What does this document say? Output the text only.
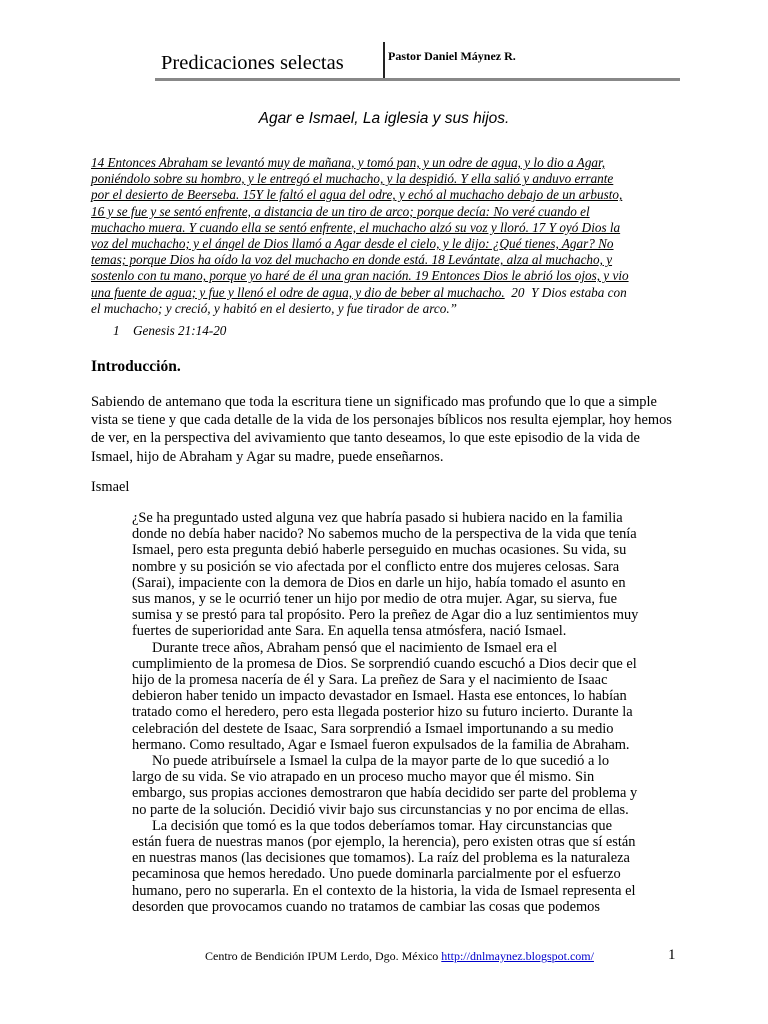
Predicaciones selectas	Pastor Daniel Máynez R.
Agar e Ismael, La iglesia y sus hijos.
14 Entonces Abraham se levantó muy de mañana, y tomó pan, y un odre de agua, y lo dio a Agar,
poniéndolo sobre su hombro, y le entregó el muchacho, y la despidió. Y ella salió y anduvo errante
por el desierto de Beerseba. 15Y le faltó el agua del odre, y echó al muchacho debajo de un arbusto,
16 y se fue y se sentó enfrente, a distancia de un tiro de arco; porque decía: No veré cuando el
muchacho muera. Y cuando ella se sentó enfrente, el muchacho alzó su voz y lloró. 17 Y oyó Dios la
voz del muchacho; y el ángel de Dios llamó a Agar desde el cielo, y le dijo: ¿Qué tienes, Agar? No
temas; porque Dios ha oído la voz del muchacho en donde está. 18 Levántate, alza al muchacho, y
sostenlo con tu mano, porque yo haré de él una gran nación. 19 Entonces Dios le abrió los ojos, y vio
una fuente de agua; y fue y llenó el odre de agua, y dio de beber al muchacho.  20  Y Dios estaba con
el muchacho; y creció, y habitó en el desierto, y fue tirador de arco.”
1 Genesis 21:14-20
Introducción.
Sabiendo de antemano que toda la escritura tiene un significado mas profundo que lo que a simple
vista se tiene y que cada detalle de la vida de los personajes bíblicos nos resulta ejemplar, hoy hemos
de ver, en la perspectiva del avivamiento que tanto deseamos, lo que este episodio de la vida de
Ismael, hijo de Abraham y Agar su madre, puede enseñarnos.
Ismael
¿Se ha preguntado usted alguna vez que habría pasado si hubiera nacido en la familia
donde no debía haber nacido? No sabemos mucho de la perspectiva de la vida que tenía
Ismael, pero esta pregunta debió haberle perseguido en muchas ocasiones. Su vida, su
nombre y su posición se vio afectada por el conflicto entre dos mujeres celosas. Sara
(Sarai), impaciente con la demora de Dios en darle un hijo, había tomado el asunto en
sus manos, y se le ocurrió tener un hijo por medio de otra mujer. Agar, su sierva, fue
sumisa y se prestó para tal propósito. Pero la preñez de Agar dio a luz sentimientos muy
fuertes de superioridad ante Sara. En aquella tensa atmósfera, nació Ismael.
Durante trece años, Abraham pensó que el nacimiento de Ismael era el
cumplimiento de la promesa de Dios. Se sorprendió cuando escuchó a Dios decir que el
hijo de la promesa nacería de él y Sara. La preñez de Sara y el nacimiento de Isaac
debieron haber tenido un impacto devastador en Ismael. Hasta ese entonces, lo habían
tratado como el heredero, pero esta llegada posterior hizo su futuro incierto. Durante la
celebración del destete de Isaac, Sara sorprendió a Ismael importunando a su medio
hermano. Como resultado, Agar e Ismael fueron expulsados de la familia de Abraham.
No puede atribuírsele a Ismael la culpa de la mayor parte de lo que sucedió a lo
largo de su vida. Se vio atrapado en un proceso mucho mayor que él mismo. Sin
embargo, sus propias acciones demostraron que había decidido ser parte del problema y
no parte de la solución. Decidió vivir bajo sus circunstancias y no por encima de ellas.
La decisión que tomó es la que todos deberíamos tomar. Hay circunstancias que
están fuera de nuestras manos (por ejemplo, la herencia), pero existen otras que sí están
en nuestras manos (las decisiones que tomamos). La raíz del problema es la naturaleza
pecaminosa que hemos heredado. Uno puede dominarla parcialmente por el esfuerzo
humano, pero no superarla. En el contexto de la historia, la vida de Ismael representa el
desorden que provocamos cuando no tratamos de cambiar las cosas que podemos
Centro de Bendición IPUM Lerdo, Dgo. México http://dnlmaynez.blogspot.com/	1
